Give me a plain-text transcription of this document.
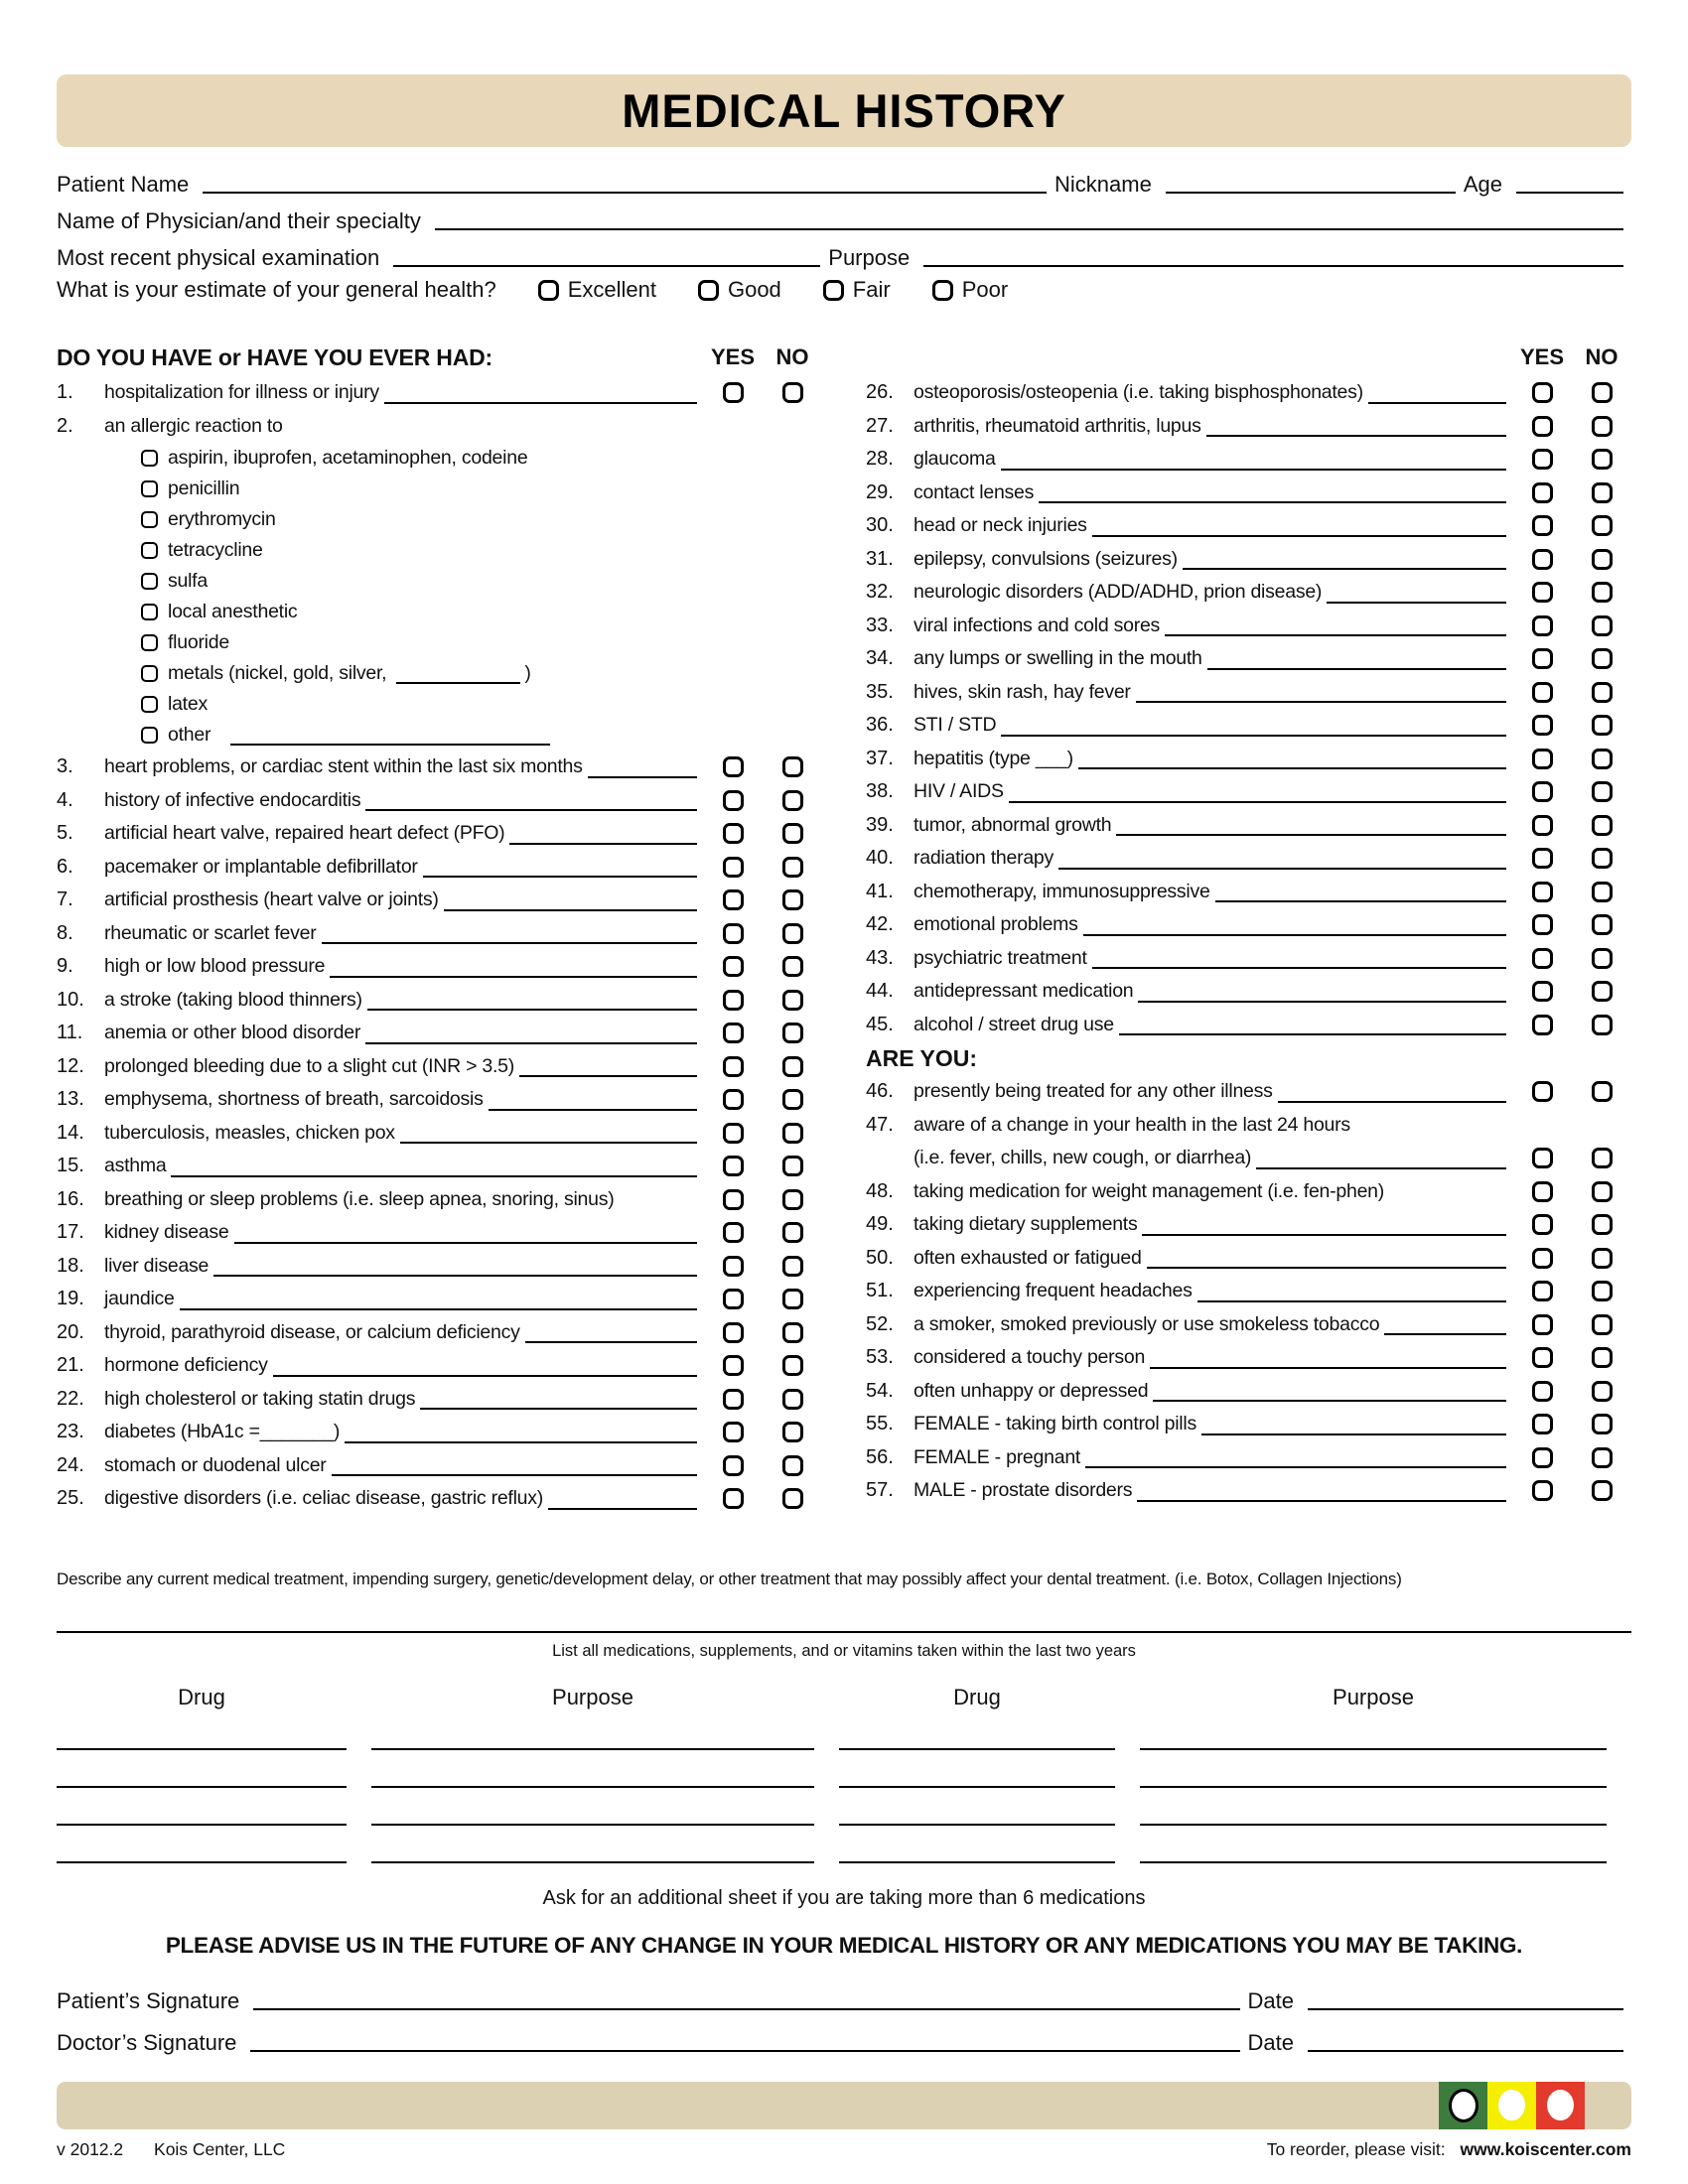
MEDICAL HISTORY
Patient Name	Nickname	Age
Name of Physician/and their specialty
Most recent physical examination	Purpose
What is your estimate of your general health?	Excellent	Good	Fair	Poor
DO YOU HAVE or HAVE YOU EVER HAD:	YES NO
1.	hospitalization for illness or injury
2.	an allergic reaction to
aspirin, ibuprofen, acetaminophen, codeine
penicillin
erythromycin
tetracycline
sulfa
local anesthetic
fluoride
metals (nickel, gold, silver,	)
latex
other
3.	heart problems, or cardiac stent within the last six months
4.	history of infective endocarditis
5.	artificial heart valve, repaired heart defect (PFO)
6.	pacemaker or implantable defibrillator
7.	artificial prosthesis (heart valve or joints)
8.	rheumatic or scarlet fever
9.	high or low blood pressure
10.	a stroke (taking blood thinners)
11.	anemia or other blood disorder
12.	prolonged bleeding due to a slight cut (INR > 3.5)
13.	emphysema, shortness of breath, sarcoidosis
14.	tuberculosis, measles, chicken pox
15.	asthma
16.	breathing or sleep problems (i.e. sleep apnea, snoring, sinus)
17.	kidney disease
18.	liver disease
19.	jaundice
20.	thyroid, parathyroid disease, or calcium deficiency
21.	hormone deficiency
22.	high cholesterol or taking statin drugs
23.	diabetes (HbA1c =_______)
24.	stomach or duodenal ulcer
25.	digestive disorders (i.e. celiac disease, gastric reflux)
YES NO
26.	osteoporosis/osteopenia (i.e. taking bisphosphonates)
27.	arthritis, rheumatoid arthritis, lupus
28.	glaucoma
29.	contact lenses
30.	head or neck injuries
31.	epilepsy, convulsions (seizures)
32.	neurologic disorders (ADD/ADHD, prion disease)
33.	viral infections and cold sores
34.	any lumps or swelling in the mouth
35.	hives, skin rash, hay fever
36.	STI / STD
37.	hepatitis (type ___)
38.	HIV / AIDS
39.	tumor, abnormal growth
40.	radiation therapy
41.	chemotherapy, immunosuppressive
42.	emotional problems
43.	psychiatric treatment
44.	antidepressant medication
45.	alcohol / street drug use
ARE YOU:
46.	presently being treated for any other illness
47.	aware of a change in your health in the last 24 hours
(i.e. fever, chills, new cough, or diarrhea)
48.	taking medication for weight management (i.e. fen-phen)
49.	taking dietary supplements
50.	often exhausted or fatigued
51.	experiencing frequent headaches
52.	a smoker, smoked previously or use smokeless tobacco
53.	considered a touchy person
54.	often unhappy or depressed
55.	FEMALE - taking birth control pills
56.	FEMALE - pregnant
57.	MALE - prostate disorders
Describe any current medical treatment, impending surgery, genetic/development delay, or other treatment that may possibly affect your dental treatment. (i.e. Botox, Collagen Injections)
List all medications, supplements, and or vitamins taken within the last two years
Drug	Purpose	Drug	Purpose
Ask for an additional sheet if you are taking more than 6 medications
PLEASE ADVISE US IN THE FUTURE OF ANY CHANGE IN YOUR MEDICAL HISTORY OR ANY MEDICATIONS YOU MAY BE TAKING.
Patient’s Signature	Date
Doctor’s Signature	Date
v 2012.2 Kois Center, LLC	To reorder, please visit: www.koiscenter.com
